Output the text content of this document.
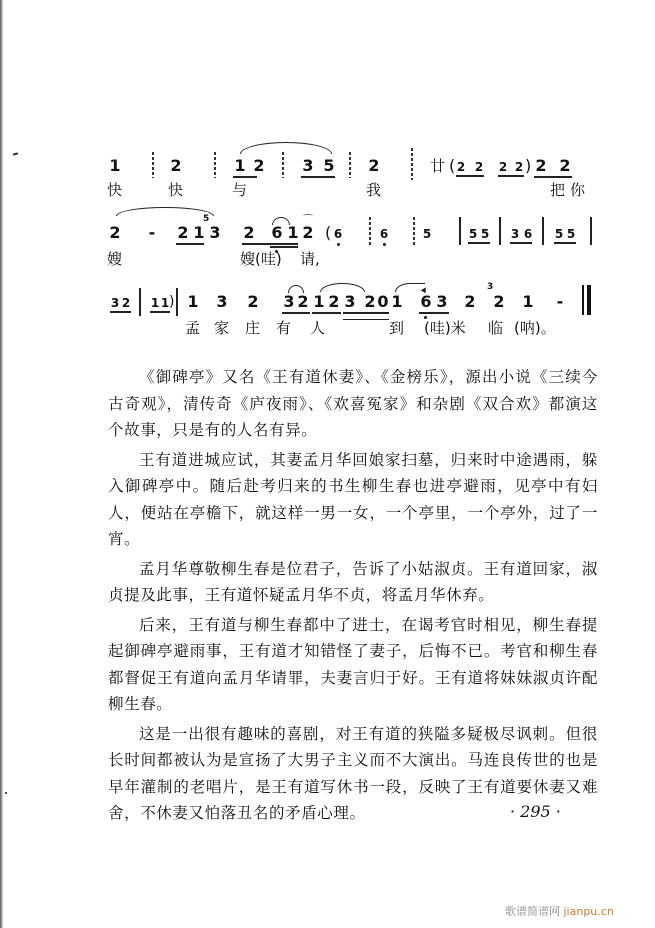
1	2	1 2 3 5 2	廿 ( 2 2 2 2 ) 2 2
快	快	与	我	把 你
2 - 2 1
5
3 2 6 1
⌒
2 ( 6	6	5	5 5 3 6 5 5
嫂	嫂(哇) 请,
3 2 1 1 ) 1 3 2 3 2 1 2 3 2 0 1 6 3 2
3
2 1 -
孟 家 庄 有 人	到 (哇)米 临 (呐)。

《御碑亭》又名《王有道休妻》、《金榜乐》，源出小说《三续今古奇观》，清传奇《庐夜雨》、《欢喜冤家》和杂剧《双合欢》都演这个故事，只是有的人名有异。

王有道进城应试，其妻孟月华回娘家扫墓，归来时中途遇雨，躲入御碑亭中。随后赴考归来的书生柳生春也进亭避雨，见亭中有妇人，便站在亭檐下，就这样一男一女，一个亭里，一个亭外，过了一宵。

孟月华尊敬柳生春是位君子，告诉了小姑淑贞。王有道回家，淑贞提及此事，王有道怀疑孟月华不贞，将孟月华休弃。

后来，王有道与柳生春都中了进士，在谒考官时相见，柳生春提起御碑亭避雨事，王有道才知错怪了妻子，后悔不已。考官和柳生春都督促王有道向孟月华请罪，夫妻言归于好。王有道将妹妹淑贞许配柳生春。

这是一出很有趣味的喜剧，对王有道的狭隘多疑极尽讽刺。但很长时间都被认为是宣扬了大男子主义而不大演出。马连良传世的也是早年灌制的老唱片，是王有道写休书一段，反映了王有道要休妻又难舍，不休妻又怕落丑名的矛盾心理。	· 295 ·
歌谱简谱网 jianpu.cn
